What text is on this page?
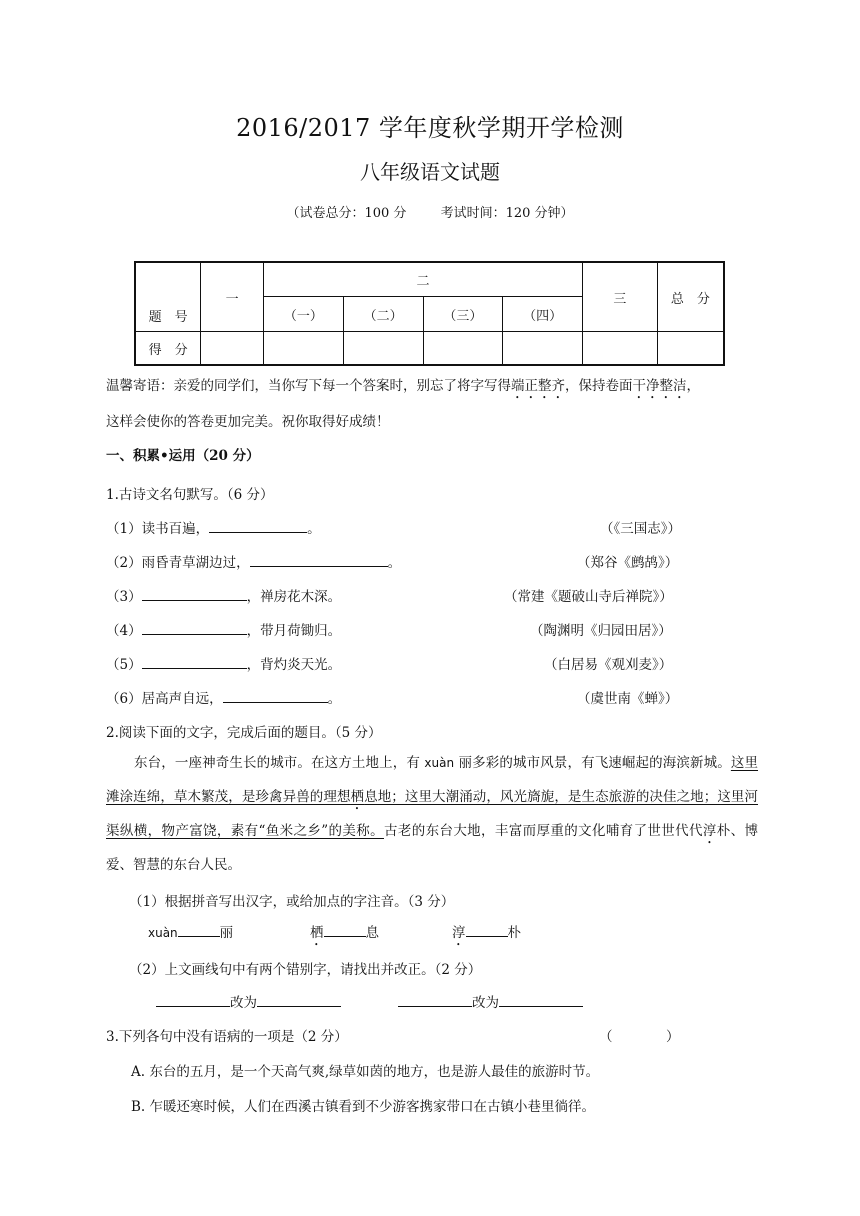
2016/2017 学年度秋学期开学检测
八年级语文试题
（试卷总分：100 分	考试时间：120 分钟）
题　号	一	二				三	总　分
		（一）	（二）	（三）	（四）		
得　分							
温馨寄语：亲爱的同学们，当你写下每一个答案时，别忘了将字写得端正整齐，保持卷面干净整洁，
这样会使你的答卷更加完美。祝你取得好成绩！
一、积累•运用（20 分）
1.古诗文名句默写。（6 分）
（1）读书百遍，	。	（《三国志》）
（2）雨昏青草湖边过，	。	（郑谷《鹧鸪》）
（3）	，禅房花木深。	（常建《题破山寺后禅院》）
（4）	，带月荷锄归。	（陶渊明《归园田居》）
（5）	，背灼炎天光。	（白居易《观刈麦》）
（6）居高声自远，	。	（虞世南《蝉》）
2.阅读下面的文字，完成后面的题目。（5 分）
东台，一座神奇生长的城市。在这方土地上，有 xuàn 丽多彩的城市风景，有飞速崛起的海滨新城。这里滩涂连绵，草木繁茂，是珍禽异兽的理想栖息地；这里大潮涌动，风光旖旎，是生态旅游的决佳之地；这里河渠纵横，物产富饶，素有“鱼米之乡”的美称。古老的东台大地，丰富而厚重的文化哺育了世世代代淳朴、博爱、智慧的东台人民。
（1）根据拼音写出汉字，或给加点的字注音。（3 分）
xuàn	丽	栖	息	淳	朴
（2）上文画线句中有两个错别字，请找出并改正。（2 分）
改为	改为
3.下列各句中没有语病的一项是（2 分）	（	）
A. 东台的五月，是一个天高气爽,绿草如茵的地方，也是游人最佳的旅游时节。
B. 乍暖还寒时候，人们在西溪古镇看到不少游客携家带口在古镇小巷里徜徉。
